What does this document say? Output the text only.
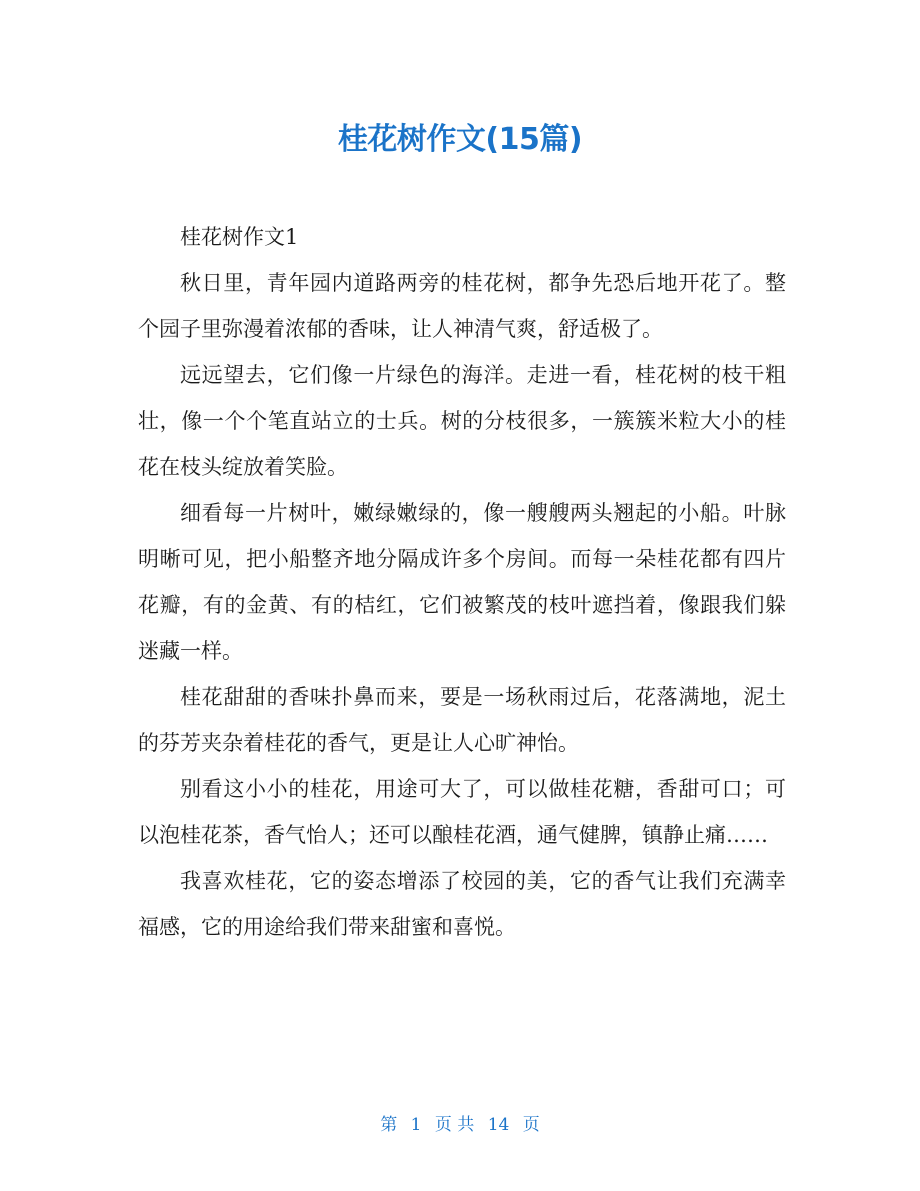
桂花树作文(15篇)

桂花树作文1

秋日里，青年园内道路两旁的桂花树，都争先恐后地开花了。整个园子里弥漫着浓郁的香味，让人神清气爽，舒适极了。

远远望去，它们像一片绿色的海洋。走进一看，桂花树的枝干粗壮，像一个个笔直站立的士兵。树的分枝很多，一簇簇米粒大小的桂花在枝头绽放着笑脸。

细看每一片树叶，嫩绿嫩绿的，像一艘艘两头翘起的小船。叶脉明晰可见，把小船整齐地分隔成许多个房间。而每一朵桂花都有四片花瓣，有的金黄、有的桔红，它们被繁茂的枝叶遮挡着，像跟我们躲迷藏一样。

桂花甜甜的香味扑鼻而来，要是一场秋雨过后，花落满地，泥土的芬芳夹杂着桂花的香气，更是让人心旷神怡。

别看这小小的桂花，用途可大了，可以做桂花糖，香甜可口；可以泡桂花茶，香气怡人；还可以酿桂花酒，通气健脾，镇静止痛……

我喜欢桂花，它的姿态增添了校园的美，它的香气让我们充满幸福感，它的用途给我们带来甜蜜和喜悦。

第 1 页 共 14 页
